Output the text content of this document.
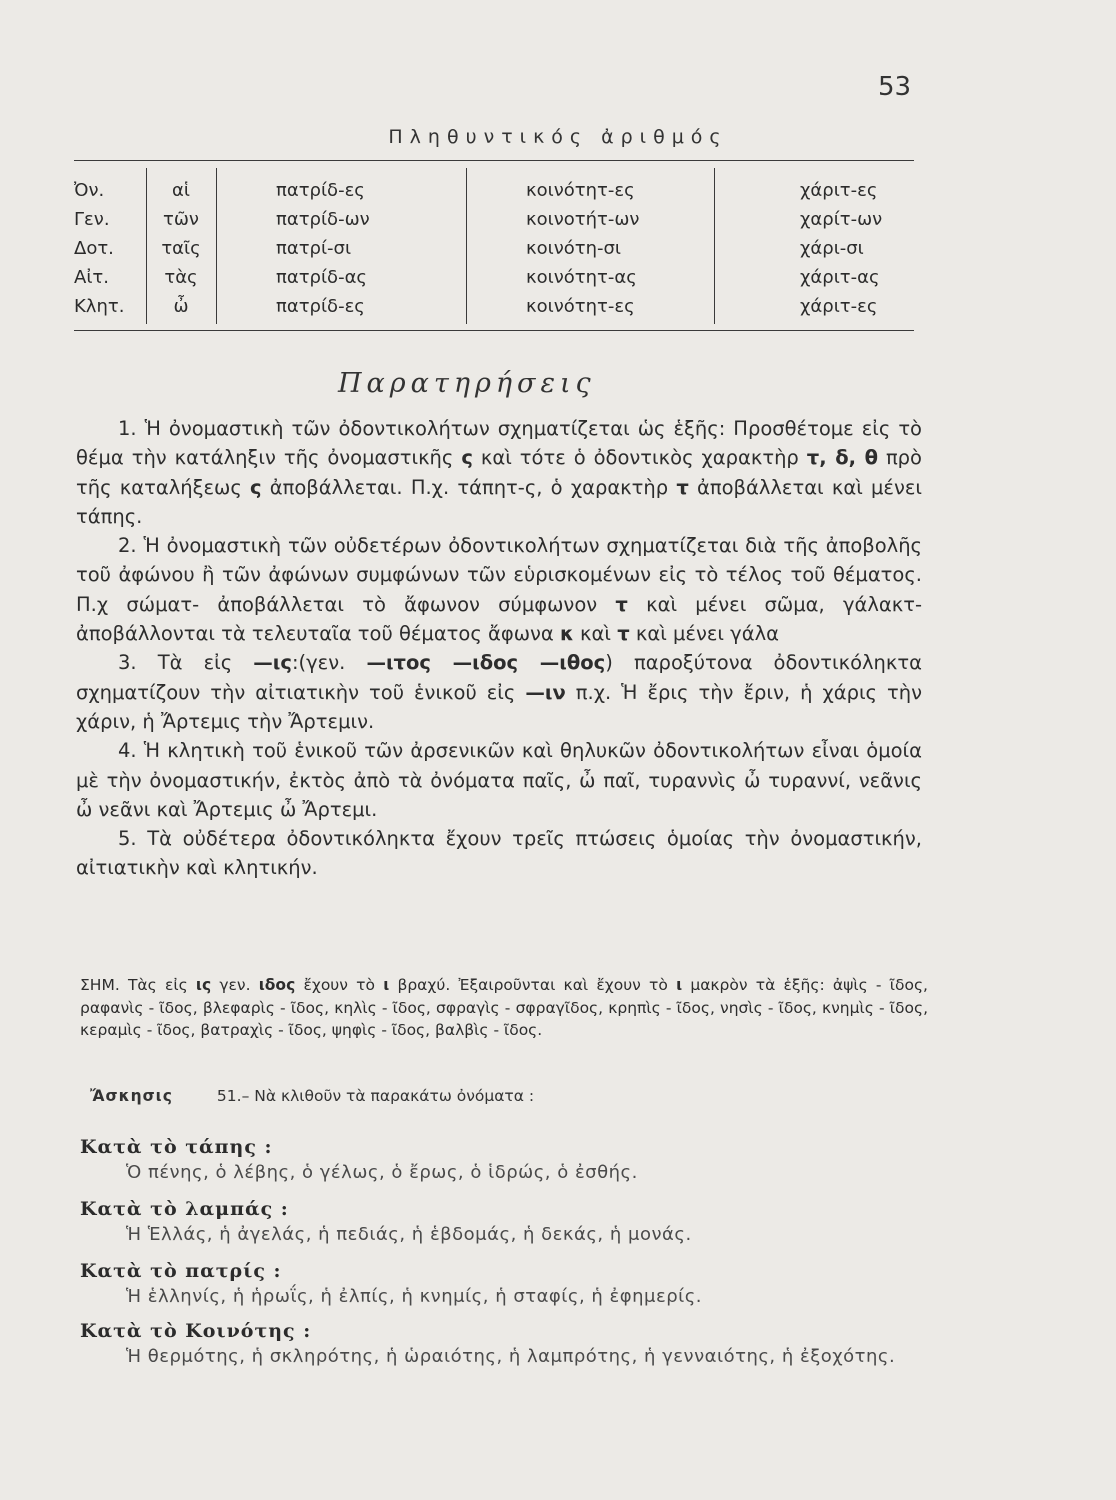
53
Πληθυντικός ἀριθμός
Ὀν.	αἱ	πατρίδ-ες	κοινότητ-ες	χάριτ-ες
Γεν.	τῶν	πατρίδ-ων	κοινοτήτ-ων	χαρίτ-ων
Δοτ.	ταῖς	πατρί-σι	κοινότη-σι	χάρι-σι
Αἰτ.	τὰς	πατρίδ-ας	κοινότητ-ας	χάριτ-ας
Κλητ.	ὦ	πατρίδ-ες	κοινότητ-ες	χάριτ-ες
Παρατηρήσεις

1. Ἡ ὀνομαστικὴ τῶν ὀδοντικολήτων σχηματίζεται ὡς ἑξῆς: Προσθέτομε εἰς τὸ θέμα τὴν κατάληξιν τῆς ὀνομαστικῆς ς καὶ τότε ὁ ὀδοντικὸς χαρακτὴρ τ, δ, θ πρὸ τῆς καταλήξεως ς ἀποβάλλεται. Π.χ. τάπητ-ς, ὁ χαρακτὴρ τ ἀποβάλλεται καὶ μένει τάπης.

2. Ἡ ὀνομαστικὴ τῶν οὐδετέρων ὀδοντικολήτων σχηματίζεται διὰ τῆς ἀποβολῆς τοῦ ἀφώνου ἢ τῶν ἀφώνων συμφώνων τῶν εὑρισκομένων εἰς τὸ τέλος τοῦ θέματος. Π.χ σώματ- ἀποβάλλεται τὸ ἄφωνον σύμφωνον τ καὶ μένει σῶμα, γάλακτ- ἀποβάλλονται τὰ τελευταῖα τοῦ θέματος ἄφωνα κ καὶ τ καὶ μένει γάλα

3. Τὰ εἰς —ις:(γεν. —ιτος —ιδος —ιθος) παροξύτονα ὀδοντικόληκτα σχηματίζουν τὴν αἰτιατικὴν τοῦ ἑνικοῦ εἰς —ιν π.χ. Ἡ ἔρις τὴν ἔριν, ἡ χάρις τὴν χάριν, ἡ Ἄρτεμις τὴν Ἄρτεμιν.

4. Ἡ κλητικὴ τοῦ ἑνικοῦ τῶν ἀρσενικῶν καὶ θηλυκῶν ὀδοντικολήτων εἶναι ὁμοία μὲ τὴν ὀνομαστικήν, ἐκτὸς ἀπὸ τὰ ὀνόματα παῖς, ὦ παῖ, τυραννὶς ὦ τυραννί, νεᾶνις ὦ νεᾶνι καὶ Ἄρτεμις ὦ Ἄρτεμι.

5. Τὰ οὐδέτερα ὀδοντικόληκτα ἔχουν τρεῖς πτώσεις ὁμοίας τὴν ὀνομαστικήν, αἰτιατικὴν καὶ κλητικήν.

ΣΗΜ. Τὰς εἰς ις γεν. ιδος ἔχουν τὸ ι βραχύ. Ἐξαιροῦνται καὶ ἔχουν τὸ ι μακρὸν τὰ ἑξῆς: ἀψὶς - ῖδος, ραφανὶς - ῖδος, βλεφαρὶς - ῖδος, κηλὶς - ῖδος, σφραγὶς - σφραγῖδος, κρηπὶς - ῖδος, νησὶς - ῖδος, κνημὶς - ῖδος, κεραμὶς - ῖδος, βατραχὶς - ῖδος, ψηφὶς - ῖδος, βαλβὶς - ῖδος.
Ἄσκησις	51.– Νὰ κλιθοῦν τὰ παρακάτω ὀνόματα :
Κατὰ τὸ τάπης :
Ὁ πένης, ὁ λέβης, ὁ γέλως, ὁ ἔρως, ὁ ἱδρώς, ὁ ἐσθής.
Κατὰ τὸ λαμπάς :
Ἡ Ἑλλάς, ἡ ἀγελάς, ἡ πεδιάς, ἡ ἑβδομάς, ἡ δεκάς, ἡ μονάς.
Κατὰ τὸ πατρίς :
Ἡ ἑλληνίς, ἡ ἡρωΐς, ἡ ἐλπίς, ἡ κνημίς, ἡ σταφίς, ἡ ἐφημερίς.
Κατὰ τὸ Κοινότης :
Ἡ θερμότης, ἡ σκληρότης, ἡ ὡραιότης, ἡ λαμπρότης, ἡ γενναιότης, ἡ ἐξοχότης.
